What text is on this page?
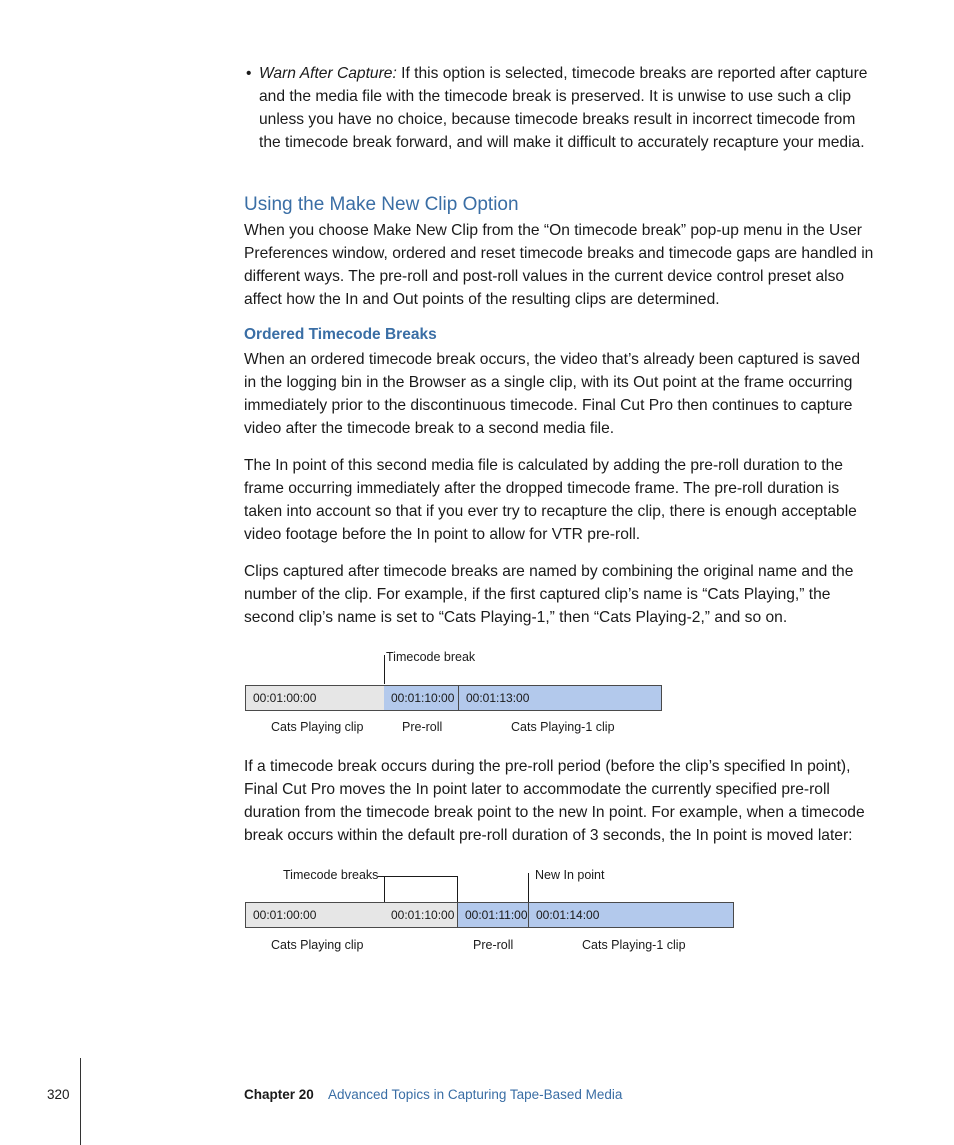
• Warn After Capture: If this option is selected, timecode breaks are reported after capture and the media file with the timecode break is preserved. It is unwise to use such a clip unless you have no choice, because timecode breaks result in incorrect timecode from the timecode break forward, and will make it difficult to accurately recapture your media.

Using the Make New Clip Option

When you choose Make New Clip from the “On timecode break” pop-up menu in the User Preferences window, ordered and reset timecode breaks and timecode gaps are handled in different ways. The pre-roll and post-roll values in the current device control preset also affect how the In and Out points of the resulting clips are determined.

Ordered Timecode Breaks

When an ordered timecode break occurs, the video that’s already been captured is saved in the logging bin in the Browser as a single clip, with its Out point at the frame occurring immediately prior to the discontinuous timecode. Final Cut Pro then continues to capture video after the timecode break to a second media file.

The In point of this second media file is calculated by adding the pre-roll duration to the frame occurring immediately after the dropped timecode frame. The pre-roll duration is taken into account so that if you ever try to recapture the clip, there is enough acceptable video footage before the In point to allow for VTR pre-roll.

Clips captured after timecode breaks are named by combining the original name and the number of the clip. For example, if the first captured clip’s name is “Cats Playing,” the second clip’s name is set to “Cats Playing-1,” then “Cats Playing-2,” and so on.

Timecode break
00:01:00:00	00:01:10:00 00:01:13:00
Cats Playing clip	Pre-roll	Cats Playing-1 clip

If a timecode break occurs during the pre-roll period (before the clip’s specified In point), Final Cut Pro moves the In point later to accommodate the currently specified pre-roll duration from the timecode break point to the new In point. For example, when a timecode break occurs within the default pre-roll duration of 3 seconds, the In point is moved later:

Timecode breaks	New In point
00:01:00:00	00:01:10:00 00:01:11:00 00:01:14:00
Cats Playing clip	Pre-roll	Cats Playing-1 clip
320	Chapter 20 Advanced Topics in Capturing Tape-Based Media
